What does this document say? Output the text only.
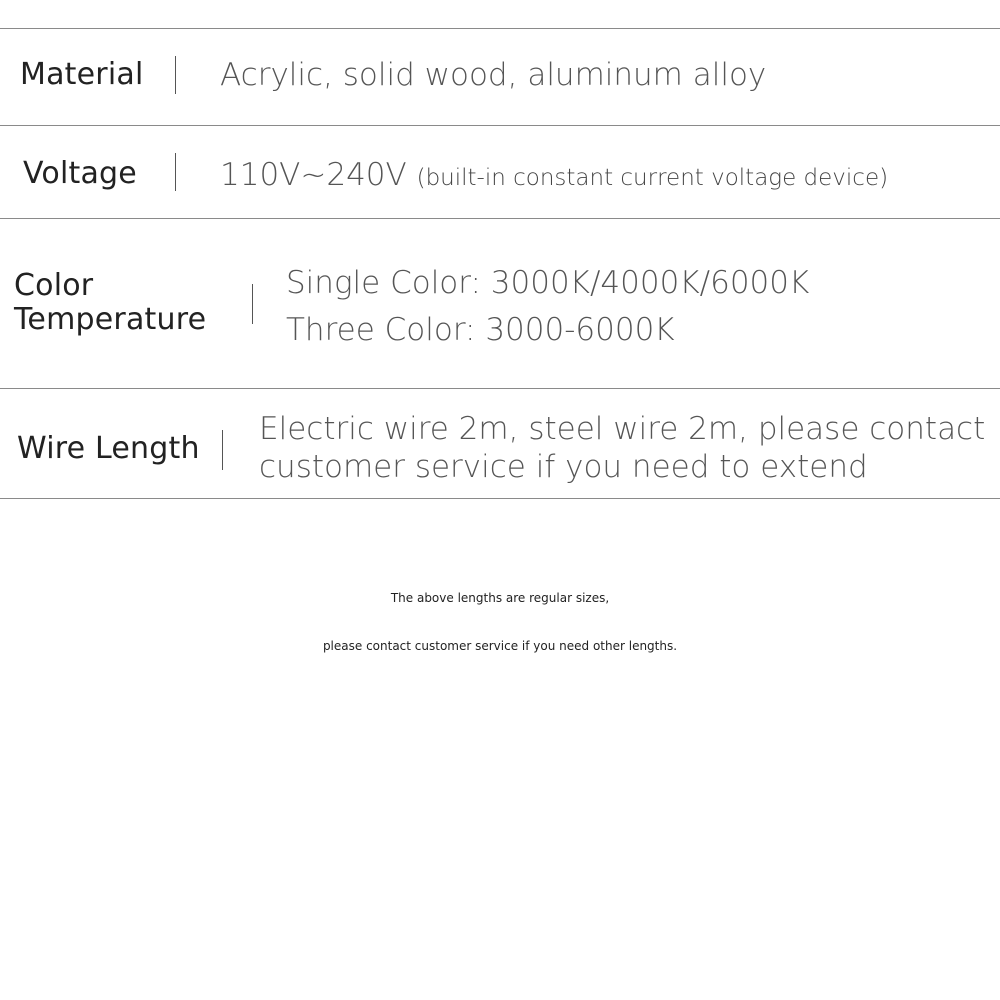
Material Acrylic, solid wood, aluminum alloy
Voltage	110V~240V (built-in constant current voltage device)
Color
Temperature
Single Color: 3000K/4000K/6000K
Three Color: 3000-6000K
Wire Length
Electric wire 2m, steel wire 2m, please contact
customer service if you need to extend
The above lengths are regular sizes,
please contact customer service if you need other lengths.
